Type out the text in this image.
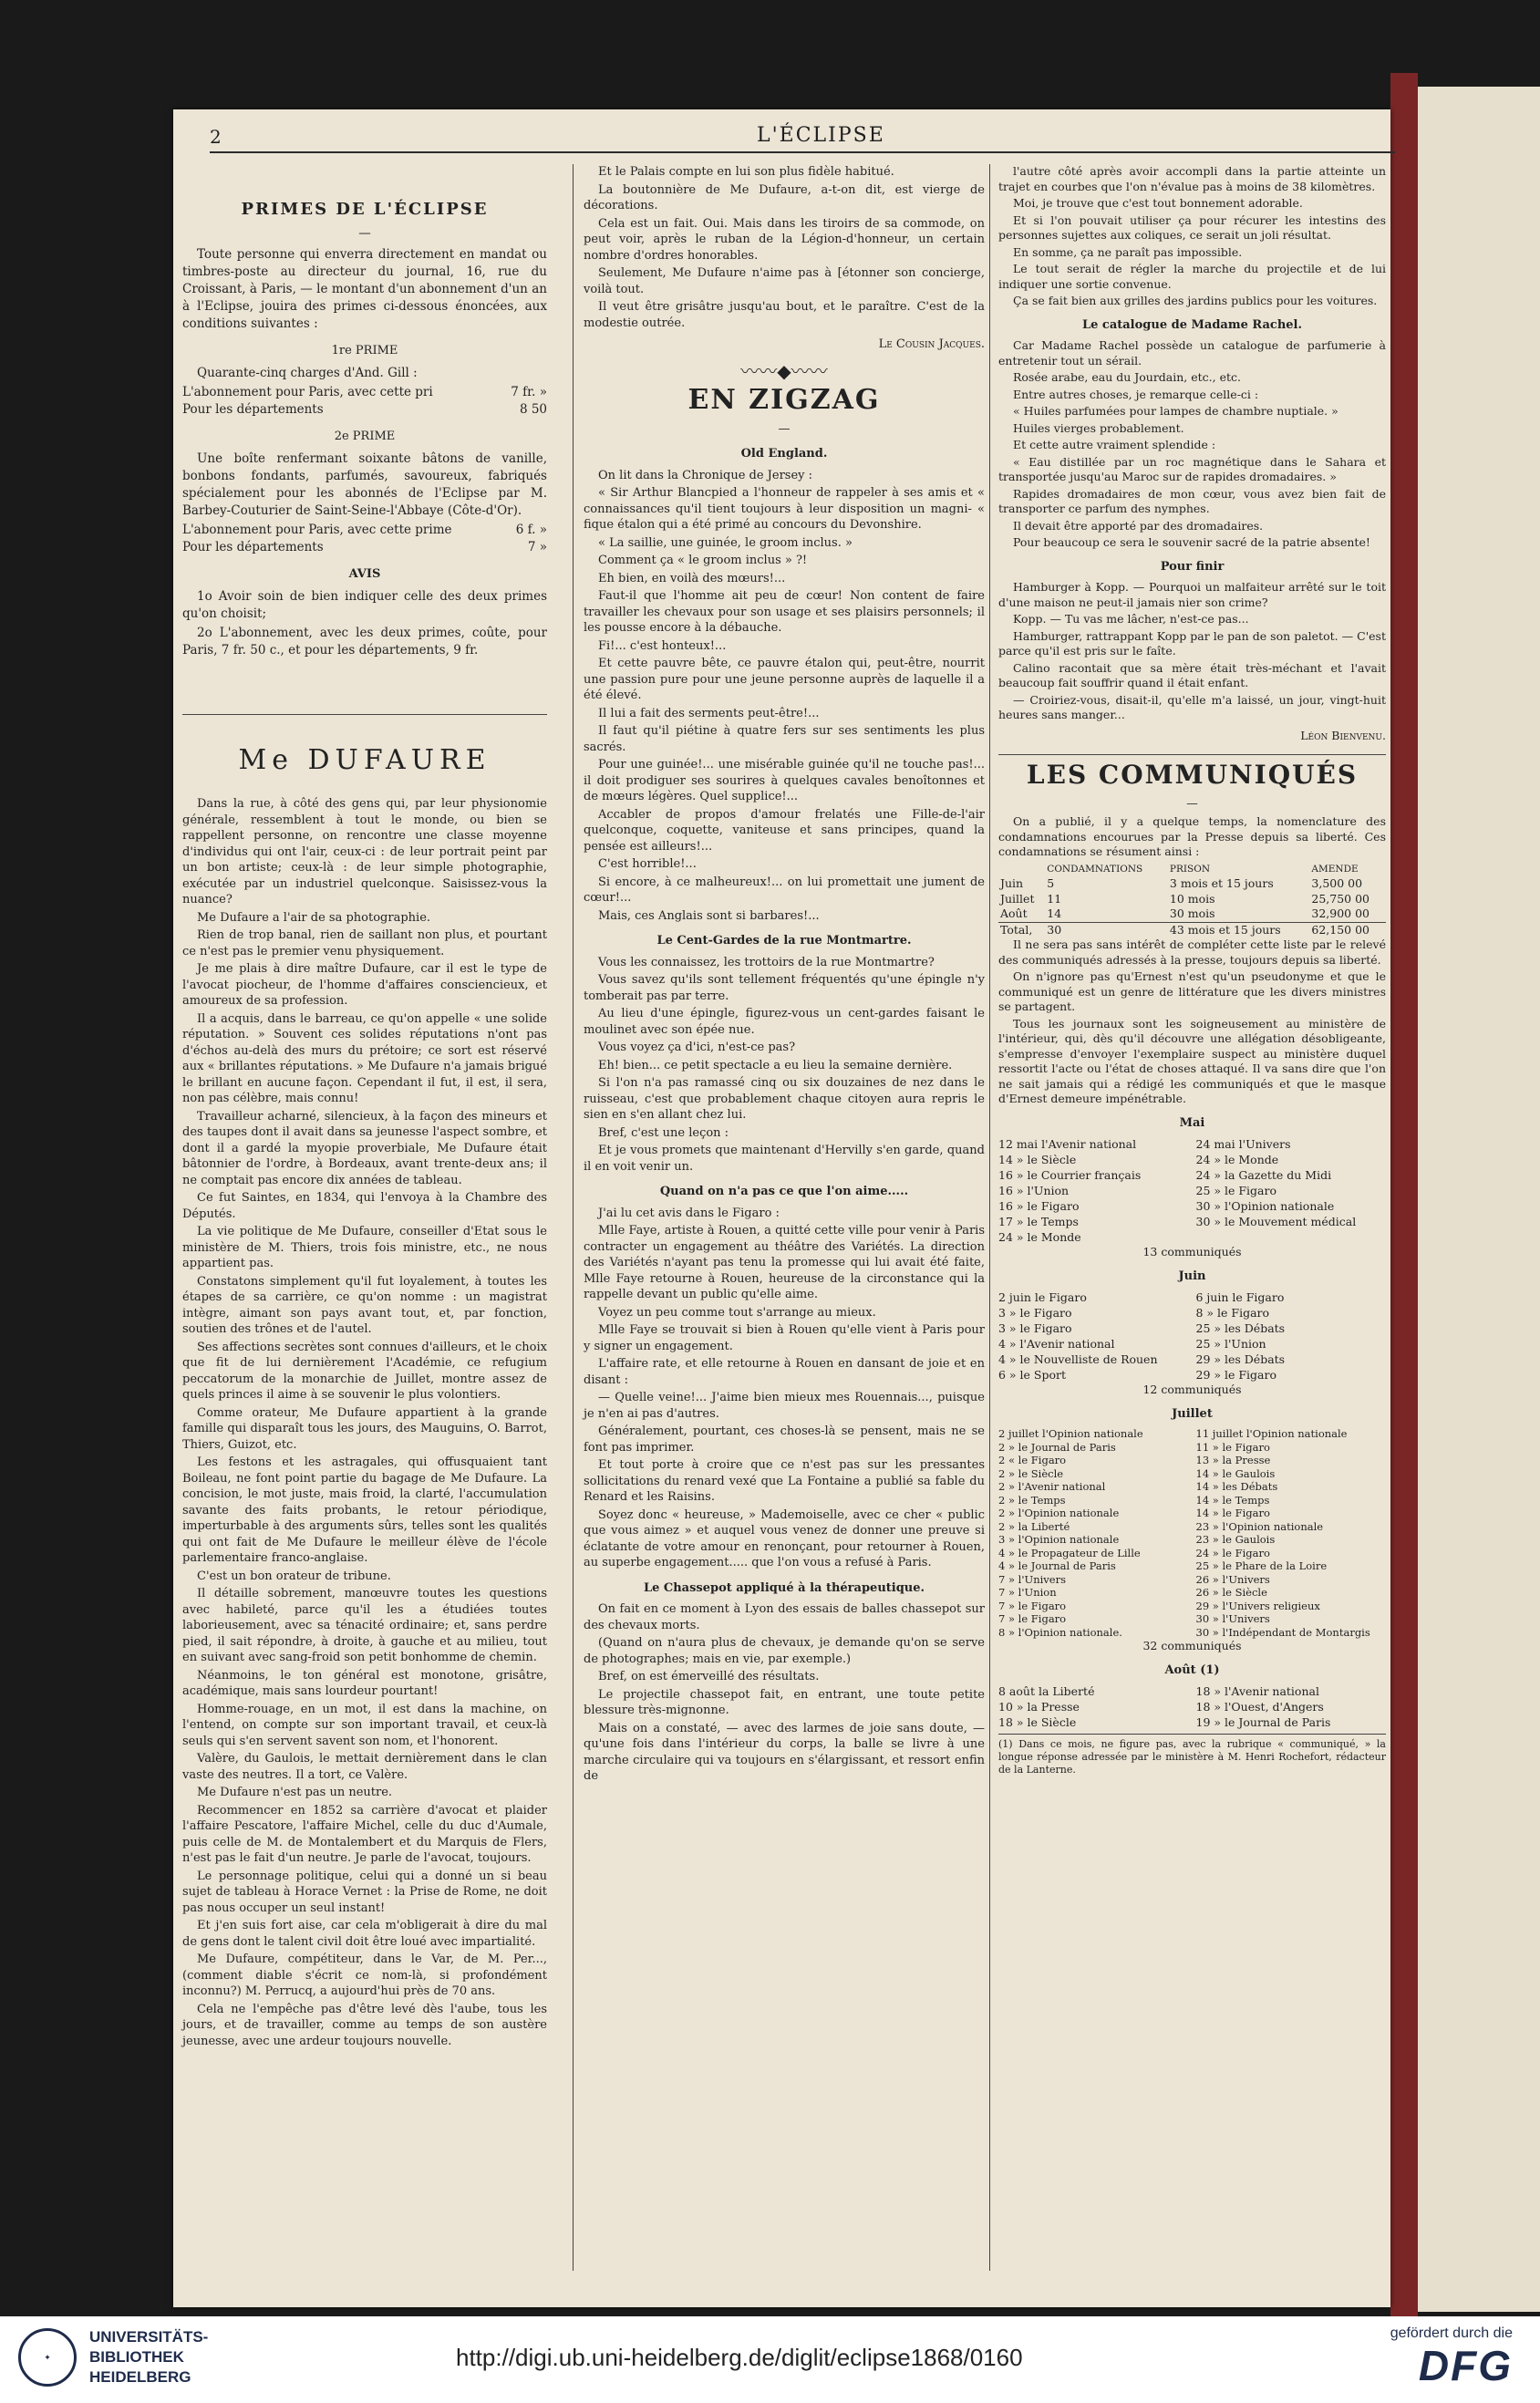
2	L'ÉCLIPSE
PRIMES DE L'ÉCLIPSE
—

Toute personne qui enverra directement en mandat ou timbres-poste au directeur du journal, 16, rue du Croissant, à Paris, — le montant d'un abonnement d'un an à l'Eclipse, jouira des primes ci-dessous énoncées, aux conditions suivantes :

1re PRIME

Quarante-cinq charges d'And. Gill :

L'abonnement pour Paris, avec cette pri	7 fr. »
Pour les départements	8 50
2e PRIME

Une boîte renfermant soixante bâtons de vanille, bonbons fondants, parfumés, savoureux, fabriqués spécialement pour les abonnés de l'Eclipse par M. Barbey-Couturier de Saint-Seine-l'Abbaye (Côte-d'Or).

L'abonnement pour Paris, avec cette prime	6 f. »
Pour les départements	7 »
AVIS

1o Avoir soin de bien indiquer celle des deux primes qu'on choisit;

2o L'abonnement, avec les deux primes, coûte, pour Paris, 7 fr. 50 c., et pour les départements, 9 fr.

Me DUFAURE

Dans la rue, à côté des gens qui, par leur physionomie générale, ressemblent à tout le monde, ou bien se rappellent personne, on rencontre une classe moyenne d'individus qui ont l'air, ceux-ci : de leur portrait peint par un bon artiste; ceux-là : de leur simple photographie, exécutée par un industriel quelconque. Saisissez-vous la nuance?

Me Dufaure a l'air de sa photographie.

Rien de trop banal, rien de saillant non plus, et pourtant ce n'est pas le premier venu physiquement.

Je me plais à dire maître Dufaure, car il est le type de l'avocat piocheur, de l'homme d'affaires consciencieux, et amoureux de sa profession.

Il a acquis, dans le barreau, ce qu'on appelle « une solide réputation. » Souvent ces solides réputations n'ont pas d'échos au-delà des murs du prétoire; ce sort est réservé aux « brillantes réputations. » Me Dufaure n'a jamais brigué le brillant en aucune façon. Cependant il fut, il est, il sera, non pas célèbre, mais connu!

Travailleur acharné, silencieux, à la façon des mineurs et des taupes dont il avait dans sa jeunesse l'aspect sombre, et dont il a gardé la myopie proverbiale, Me Dufaure était bâtonnier de l'ordre, à Bordeaux, avant trente-deux ans; il ne comptait pas encore dix années de tableau.

Ce fut Saintes, en 1834, qui l'envoya à la Chambre des Députés.

La vie politique de Me Dufaure, conseiller d'Etat sous le ministère de M. Thiers, trois fois ministre, etc., ne nous appartient pas.

Constatons simplement qu'il fut loyalement, à toutes les étapes de sa carrière, ce qu'on nomme : un magistrat intègre, aimant son pays avant tout, et, par fonction, soutien des trônes et de l'autel.

Ses affections secrètes sont connues d'ailleurs, et le choix que fit de lui dernièrement l'Académie, ce refugium peccatorum de la monarchie de Juillet, montre assez de quels princes il aime à se souvenir le plus volontiers.

Comme orateur, Me Dufaure appartient à la grande famille qui disparaît tous les jours, des Mauguins, O. Barrot, Thiers, Guizot, etc.

Les festons et les astragales, qui offusquaient tant Boileau, ne font point partie du bagage de Me Dufaure. La concision, le mot juste, mais froid, la clarté, l'accumulation savante des faits probants, le retour périodique, imperturbable à des arguments sûrs, telles sont les qualités qui ont fait de Me Dufaure le meilleur élève de l'école parlementaire franco-anglaise.

C'est un bon orateur de tribune.

Il détaille sobrement, manœuvre toutes les questions avec habileté, parce qu'il les a étudiées toutes laborieusement, avec sa ténacité ordinaire; et, sans perdre pied, il sait répondre, à droite, à gauche et au milieu, tout en suivant avec sang-froid son petit bonhomme de chemin.

Néanmoins, le ton général est monotone, grisâtre, académique, mais sans lourdeur pourtant!

Homme-rouage, en un mot, il est dans la machine, on l'entend, on compte sur son important travail, et ceux-là seuls qui s'en servent savent son nom, et l'honorent.

Valère, du Gaulois, le mettait dernièrement dans le clan vaste des neutres. Il a tort, ce Valère.

Me Dufaure n'est pas un neutre.

Recommencer en 1852 sa carrière d'avocat et plaider l'affaire Pescatore, l'affaire Michel, celle du duc d'Aumale, puis celle de M. de Montalembert et du Marquis de Flers, n'est pas le fait d'un neutre. Je parle de l'avocat, toujours.

Le personnage politique, celui qui a donné un si beau sujet de tableau à Horace Vernet : la Prise de Rome, ne doit pas nous occuper un seul instant!

Et j'en suis fort aise, car cela m'obligerait à dire du mal de gens dont le talent civil doit être loué avec impartialité.

Me Dufaure, compétiteur, dans le Var, de M. Per..., (comment diable s'écrit ce nom-là, si profondément inconnu?) M. Perrucq, a aujourd'hui près de 70 ans.

Cela ne l'empêche pas d'être levé dès l'aube, tous les jours, et de travailler, comme au temps de son austère jeunesse, avec une ardeur toujours nouvelle.

Et le Palais compte en lui son plus fidèle habitué.

La boutonnière de Me Dufaure, a-t-on dit, est vierge de décorations.

Cela est un fait. Oui. Mais dans les tiroirs de sa commode, on peut voir, après le ruban de la Légion-d'honneur, un certain nombre d'ordres honorables.

Seulement, Me Dufaure n'aime pas à [étonner son concierge, voilà tout.

Il veut être grisâtre jusqu'au bout, et le paraître. C'est de la modestie outrée.

Le Cousin Jacques.
〰〰◆〰〰
EN ZIGZAG
—
Old England.

On lit dans la Chronique de Jersey :

« Sir Arthur Blancpied a l'honneur de rappeler à ses amis et « connaissances qu'il tient toujours à leur disposition un magni- « fique étalon qui a été primé au concours du Devonshire.

« La saillie, une guinée, le groom inclus. »

Comment ça « le groom inclus » ?!

Eh bien, en voilà des mœurs!...

Faut-il que l'homme ait peu de cœur! Non content de faire travailler les chevaux pour son usage et ses plaisirs personnels; il les pousse encore à la débauche.

Fi!... c'est honteux!...

Et cette pauvre bête, ce pauvre étalon qui, peut-être, nourrit une passion pure pour une jeune personne auprès de laquelle il a été élevé.

Il lui a fait des serments peut-être!...

Il faut qu'il piétine à quatre fers sur ses sentiments les plus sacrés.

Pour une guinée!... une misérable guinée qu'il ne touche pas!... il doit prodiguer ses sourires à quelques cavales benoîtonnes et de mœurs légères. Quel supplice!...

Accabler de propos d'amour frelatés une Fille-de-l'air quelconque, coquette, vaniteuse et sans principes, quand la pensée est ailleurs!...

C'est horrible!...

Si encore, à ce malheureux!... on lui promettait une jument de cœur!...

Mais, ces Anglais sont si barbares!...

Le Cent-Gardes de la rue Montmartre.

Vous les connaissez, les trottoirs de la rue Montmartre?

Vous savez qu'ils sont tellement fréquentés qu'une épingle n'y tomberait pas par terre.

Au lieu d'une épingle, figurez-vous un cent-gardes faisant le moulinet avec son épée nue.

Vous voyez ça d'ici, n'est-ce pas?

Eh! bien... ce petit spectacle a eu lieu la semaine dernière.

Si l'on n'a pas ramassé cinq ou six douzaines de nez dans le ruisseau, c'est que probablement chaque citoyen aura repris le sien en s'en allant chez lui.

Bref, c'est une leçon :

Et je vous promets que maintenant d'Hervilly s'en garde, quand il en voit venir un.

Quand on n'a pas ce que l'on aime.....

J'ai lu cet avis dans le Figaro :

Mlle Faye, artiste à Rouen, a quitté cette ville pour venir à Paris contracter un engagement au théâtre des Variétés. La direction des Variétés n'ayant pas tenu la promesse qui lui avait été faite, Mlle Faye retourne à Rouen, heureuse de la circonstance qui la rappelle devant un public qu'elle aime.

Voyez un peu comme tout s'arrange au mieux.

Mlle Faye se trouvait si bien à Rouen qu'elle vient à Paris pour y signer un engagement.

L'affaire rate, et elle retourne à Rouen en dansant de joie et en disant :

— Quelle veine!... J'aime bien mieux mes Rouennais..., puisque je n'en ai pas d'autres.

Généralement, pourtant, ces choses-là se pensent, mais ne se font pas imprimer.

Et tout porte à croire que ce n'est pas sur les pressantes sollicitations du renard vexé que La Fontaine a publié sa fable du Renard et les Raisins.

Soyez donc « heureuse, » Mademoiselle, avec ce cher « public que vous aimez » et auquel vous venez de donner une preuve si éclatante de votre amour en renonçant, pour retourner à Rouen, au superbe engagement..... que l'on vous a refusé à Paris.

Le Chassepot appliqué à la thérapeutique.

On fait en ce moment à Lyon des essais de balles chassepot sur des chevaux morts.

(Quand on n'aura plus de chevaux, je demande qu'on se serve de photographes; mais en vie, par exemple.)

Bref, on est émerveillé des résultats.

Le projectile chassepot fait, en entrant, une toute petite blessure très-mignonne.

Mais on a constaté, — avec des larmes de joie sans doute, — qu'une fois dans l'intérieur du corps, la balle se livre à une marche circulaire qui va toujours en s'élargissant, et ressort enfin de

l'autre côté après avoir accompli dans la partie atteinte un trajet en courbes que l'on n'évalue pas à moins de 38 kilomètres.

Moi, je trouve que c'est tout bonnement adorable.

Et si l'on pouvait utiliser ça pour récurer les intestins des personnes sujettes aux coliques, ce serait un joli résultat.

En somme, ça ne paraît pas impossible.

Le tout serait de régler la marche du projectile et de lui indiquer une sortie convenue.

Ça se fait bien aux grilles des jardins publics pour les voitures.

Le catalogue de Madame Rachel.

Car Madame Rachel possède un catalogue de parfumerie à entretenir tout un sérail.

Rosée arabe, eau du Jourdain, etc., etc.

Entre autres choses, je remarque celle-ci :

« Huiles parfumées pour lampes de chambre nuptiale. »

Huiles vierges probablement.

Et cette autre vraiment splendide :

« Eau distillée par un roc magnétique dans le Sahara et transportée jusqu'au Maroc sur de rapides dromadaires. »

Rapides dromadaires de mon cœur, vous avez bien fait de transporter ce parfum des nymphes.

Il devait être apporté par des dromadaires.

Pour beaucoup ce sera le souvenir sacré de la patrie absente!

Pour finir

Hamburger à Kopp. — Pourquoi un malfaiteur arrêté sur le toit d'une maison ne peut-il jamais nier son crime?

Kopp. — Tu vas me lâcher, n'est-ce pas...

Hamburger, rattrappant Kopp par le pan de son paletot. — C'est parce qu'il est pris sur le faîte.

Calino racontait que sa mère était très-méchant et l'avait beaucoup fait souffrir quand il était enfant.

— Croiriez-vous, disait-il, qu'elle m'a laissé, un jour, vingt-huit heures sans manger...

Léon Bienvenu.
LES COMMUNIQUÉS
—

On a publié, il y a quelque temps, la nomenclature des condamnations encourues par la Presse depuis sa liberté. Ces condamnations se résument ainsi :

	CONDAMNATIONS	PRISON	AMENDE
Juin	5	3 mois et 15 jours	3,500 00
Juillet	11	10 mois	25,750 00
Août	14	30 mois	32,900 00
Total,	30	43 mois et 15 jours	62,150 00

Il ne sera pas sans intérêt de compléter cette liste par le relevé des communiqués adressés à la presse, toujours depuis sa liberté.

On n'ignore pas qu'Ernest n'est qu'un pseudonyme et que le communiqué est un genre de littérature que les divers ministres se partagent.

Tous les journaux sont les soigneusement au ministère de l'intérieur, qui, dès qu'il découvre une allégation désobligeante, s'empresse d'envoyer l'exemplaire suspect au ministère duquel ressortit l'acte ou l'état de choses attaqué. Il va sans dire que l'on ne sait jamais qui a rédigé les communiqués et que le masque d'Ernest demeure impénétrable.

Mai
12 mai l'Avenir national	24 mai l'Univers
14 » le Siècle	24 » le Monde
16 » le Courrier français	24 » la Gazette du Midi
16 » l'Union	25 » le Figaro
16 » le Figaro	30 » l'Opinion nationale
17 » le Temps	30 » le Mouvement médical
24 » le Monde
13 communiqués
Juin
2 juin le Figaro	6 juin le Figaro
3 » le Figaro	8 » le Figaro
3 » le Figaro	25 » les Débats
4 » l'Avenir national	25 » l'Union
4 » le Nouvelliste de Rouen	29 » les Débats
6 » le Sport	29 » le Figaro
12 communiqués
Juillet
2 juillet l'Opinion nationale	11 juillet l'Opinion nationale
2 » le Journal de Paris	11 » le Figaro
2 « le Figaro	13 » la Presse
2 » le Siècle	14 » le Gaulois
2 » l'Avenir national	14 » les Débats
2 » le Temps	14 » le Temps
2 » l'Opinion nationale	14 » le Figaro
2 » la Liberté	23 » l'Opinion nationale
3 » l'Opinion nationale	23 » le Gaulois
4 » le Propagateur de Lille	24 » le Figaro
4 » le Journal de Paris	25 » le Phare de la Loire
7 » l'Univers	26 » l'Univers
7 » l'Union	26 » le Siècle
7 » le Figaro	29 » l'Univers religieux
7 » le Figaro	30 » l'Univers
8 » l'Opinion nationale.	30 » l'Indépendant de Montargis
32 communiqués
Août (1)
8 août la Liberté	18 » l'Avenir national
10 » la Presse	18 » l'Ouest, d'Angers
18 » le Siècle	19 » le Journal de Paris

(1) Dans ce mois, ne figure pas, avec la rubrique « communiqué, » la longue réponse adressée par le ministère à M. Henri Rochefort, rédacteur de la Lanterne.

✦
UNIVERSITÄTS-
BIBLIOTHEK
HEIDELBERG
http://digi.ub.uni-heidelberg.de/diglit/eclipse1868/0160
gefördert durch die
DFG
